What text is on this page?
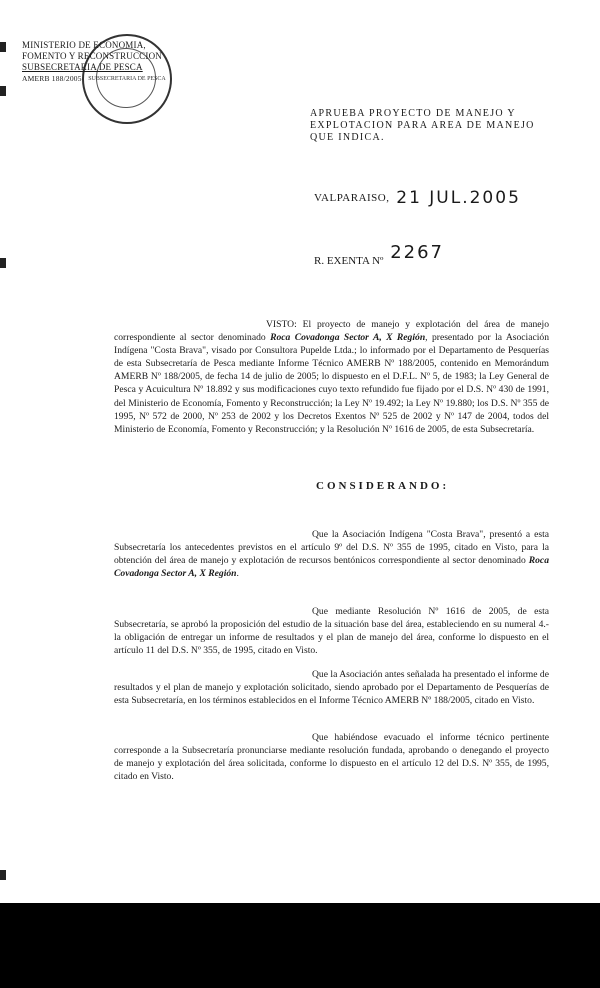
SUBSECRETARIA DE PESCA
MINISTERIO DE ECONOMIA,
FOMENTO Y RECONSTRUCCION
SUBSECRETARIA DE PESCA
AMERB 188/2005
APRUEBA PROYECTO DE MANEJO Y EXPLOTACION PARA AREA DE MANEJO QUE INDICA.
VALPARAISO, 21 JUL.2005
R. EXENTA Nº 2267
VISTO: El proyecto de manejo y explotación del área de manejo correspondiente al sector denominado Roca Covadonga Sector A, X Región, presentado por la Asociación Indígena "Costa Brava", visado por Consultora Pupelde Ltda.; lo informado por el Departamento de Pesquerías de esta Subsecretaría de Pesca mediante Informe Técnico AMERB Nº 188/2005, contenido en Memorándum AMERB Nº 188/2005, de fecha 14 de julio de 2005; lo dispuesto en el D.F.L. Nº 5, de 1983; la Ley General de Pesca y Acuicultura Nº 18.892 y sus modificaciones cuyo texto refundido fue fijado por el D.S. Nº 430 de 1991, del Ministerio de Economía, Fomento y Reconstrucción; la Ley Nº 19.492; la Ley Nº 19.880; los D.S. Nº 355 de 1995, Nº 572 de 2000, Nº 253 de 2002 y los Decretos Exentos Nº 525 de 2002 y Nº 147 de 2004, todos del Ministerio de Economía, Fomento y Reconstrucción; y la Resolución Nº 1616 de 2005, de esta Subsecretaría.
CONSIDERANDO:
Que la Asociación Indígena "Costa Brava", presentó a esta Subsecretaría los antecedentes previstos en el artículo 9º del D.S. Nº 355 de 1995, citado en Visto, para la obtención del área de manejo y explotación de recursos bentónicos correspondiente al sector denominado Roca Covadonga Sector A, X Región.
Que mediante Resolución Nº 1616 de 2005, de esta Subsecretaría, se aprobó la proposición del estudio de la situación base del área, estableciendo en su numeral 4.- la obligación de entregar un informe de resultados y el plan de manejo del área, conforme lo dispuesto en el artículo 11 del D.S. Nº 355, de 1995, citado en Visto.
Que la Asociación antes señalada ha presentado el informe de resultados y el plan de manejo y explotación solicitado, siendo aprobado por el Departamento de Pesquerías de esta Subsecretaría, en los términos establecidos en el Informe Técnico AMERB Nº 188/2005, citado en Visto.
Que habiéndose evacuado el informe técnico pertinente corresponde a la Subsecretaría pronunciarse mediante resolución fundada, aprobando o denegando el proyecto de manejo y explotación del área solicitada, conforme lo dispuesto en el artículo 12 del D.S. Nº 355, de 1995, citado en Visto.
